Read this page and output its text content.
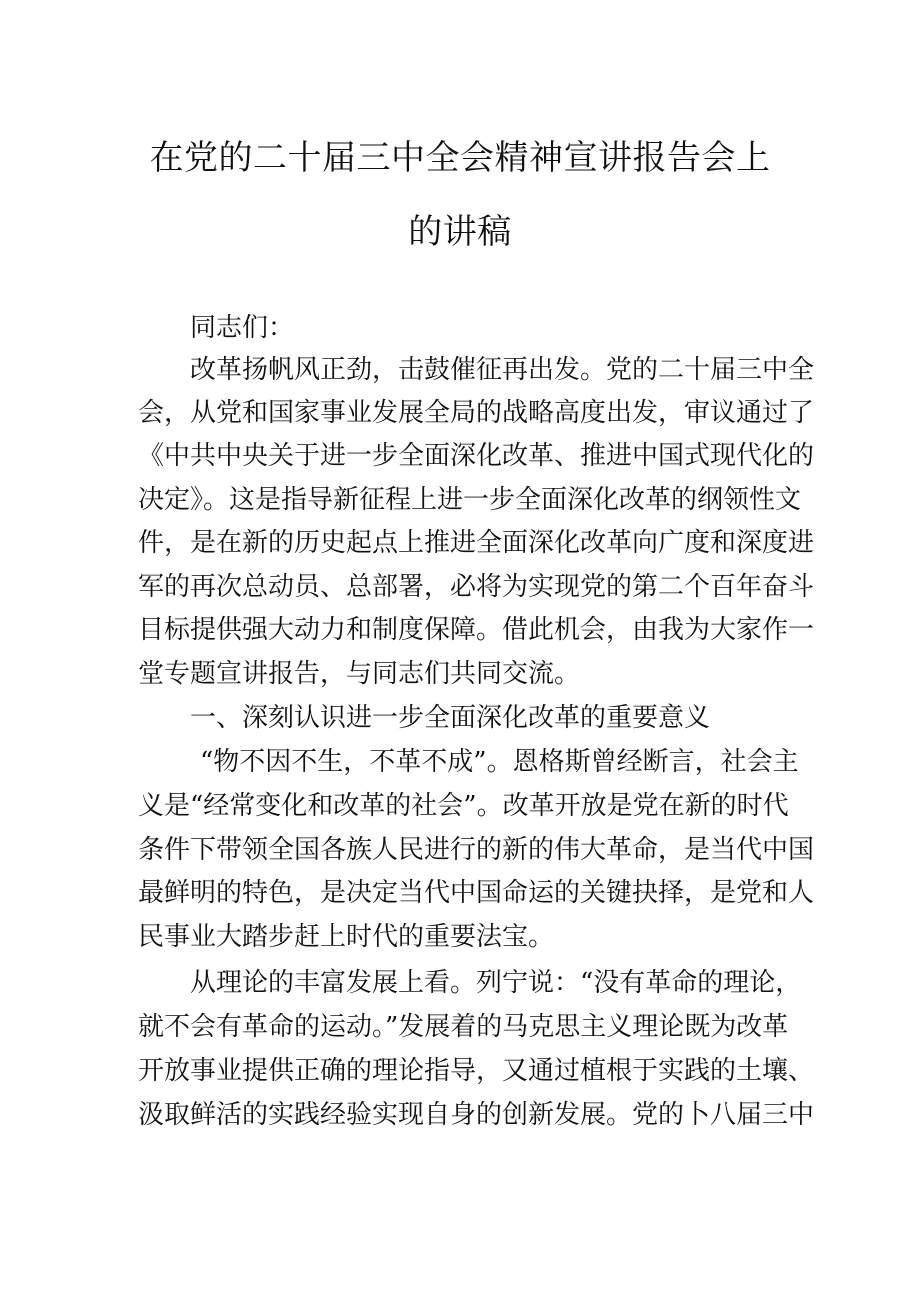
在党的二十届三中全会精神宣讲报告会上
的讲稿
同志们：
改革扬帆风正劲，击鼓催征再出发。党的二十届三中全
会，从党和国家事业发展全局的战略高度出发，审议通过了
《中共中央关于进一步全面深化改革、推进中国式现代化的
决定》。这是指导新征程上进一步全面深化改革的纲领性文
件，是在新的历史起点上推进全面深化改革向广度和深度进
军的再次总动员、总部署，必将为实现党的第二个百年奋斗
目标提供强大动力和制度保障。借此机会，由我为大家作一
堂专题宣讲报告，与同志们共同交流。
一、深刻认识进一步全面深化改革的重要意义
“物不因不生，不革不成”。恩格斯曾经断言，社会主
义是“经常变化和改革的社会”。改革开放是党在新的时代
条件下带领全国各族人民进行的新的伟大革命，是当代中国
最鲜明的特色，是决定当代中国命运的关键抉择，是党和人
民事业大踏步赶上时代的重要法宝。
从理论的丰富发展上看。列宁说：“没有革命的理论，
就不会有革命的运动。”发展着的马克思主义理论既为改革
开放事业提供正确的理论指导，又通过植根于实践的土壤、
汲取鲜活的实践经验实现自身的创新发展。党的卜八届三中
